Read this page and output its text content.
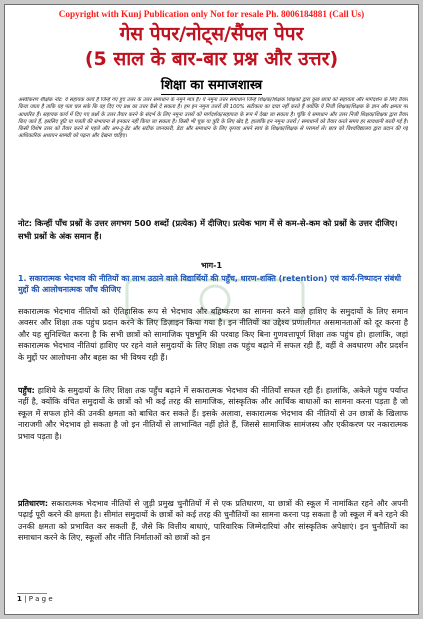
Copyright with Kunj Publication only Not for resale Ph. 8006184881 (Call Us)
गेस पेपर/नोट्स/सैंपल पेपर
(5 साल के बार-बार प्रश्न और उत्तर)
शिक्षा का समाजशास्त्र
अस्वीकरण शैक्षिक नोट: ये सहायक कार्य हैं जिन्हें गए हुए उत्तर के उत्तर समाधान के नमूने मात्र हैं। ये नमूना उत्तर समाधान जिन्हें शिक्षक/शिक्षक शिक्षकों द्वारा कुछ छात्रों को सहायता और मार्गदर्शन के लिए तैयार किया जाता है ताकि यह पता चल सके कि वह दिए गए प्रश्न का उत्तर कैसे दे सकता है। हम इन नमूना उत्तरों की 100% सटीकता का दावा नहीं करते हैं क्योंकि ये निजी शिक्षक/शिक्षक के ज्ञान और क्षमता पर आधारित हैं। सहायक कार्य में दिए गए प्रश्नों के उत्तर तैयार करने के संदर्भ के लिए नमूना उत्तरों को मार्गदर्शक/सहायता के रूप में देखा जा सकता है। चूंकि ये समाधान और उत्तर निजी शिक्षक/शिक्षक द्वारा तैयार किए जाते हैं, इसलिए त्रुटि या गलती की संभावना से इनकार नहीं किया जा सकता है। किसी भी चूक या त्रुटि के लिए खेद है, हालांकि इन नमूना उत्तरों / समाधानों को तैयार करते समय हर सावधानी बरती गई है। किसी विशेष उत्तर को तैयार करने से पहले और अप-टू-डेट और सटीक जानकारी, डेटा और समाधान के लिए कृपया अपने स्वयं के शिक्षक/शिक्षक से परामर्श लें। छात्र को विश्वविद्यालय द्वारा प्रदान की गई आधिकारिक अध्ययन सामग्री को पढ़ना और देखना चाहिए।
नोट: किन्हीं पाँच प्रश्नों के उत्तर लगभग 500 शब्दों (प्रत्येक) में दीजिए। प्रत्येक भाग में से कम-से-कम को प्रश्नों के उत्तर दीजिए। सभी प्रश्नों के अंक समान हैं।
भाग-1
1. सकारात्मक भेदभाव की नीतियों का लाभ उठाने वाले विद्यार्थियों की पहुँच, धारण-शक्ति (retention) एवं कार्य-निष्पादन संबंधी मुद्दों की आलोचनात्मक जाँच कीजिए
सकारात्मक भेदभाव नीतियों को ऐतिहासिक रूप से भेदभाव और बहिष्करण का सामना करने वाले हाशिए के समुदायों के लिए समान अवसर और शिक्षा तक पहुंच प्रदान करने के लिए डिज़ाइन किया गया है। इन नीतियों का उद्देश्य प्रणालीगत असमानताओं को दूर करना है और यह सुनिश्चित करना है कि सभी छात्रों को सामाजिक पृष्ठभूमि की परवाह किए बिना गुणवत्तापूर्ण शिक्षा तक पहुंच हो। हालांकि, जहां सकारात्मक भेदभाव नीतियां हाशिए पर रहने वाले समुदायों के लिए शिक्षा तक पहुंच बढ़ाने में सफल रही हैं, वहीं वे अवधारण और प्रदर्शन के मुद्दों पर आलोचना और बहस का भी विषय रही हैं।
पहुँच: हाशिये के समुदायों के लिए शिक्षा तक पहुँच बढ़ाने में सकारात्मक भेदभाव की नीतियाँ सफल रही हैं। हालांकि, अकेले पहुंच पर्याप्त नहीं है, क्योंकि वंचित समुदायों के छात्रों को भी कई तरह की सामाजिक, सांस्कृतिक और आर्थिक बाधाओं का सामना करना पड़ता है जो स्कूल में सफल होने की उनकी क्षमता को बाधित कर सकते हैं। इसके अलावा, सकारात्मक भेदभाव की नीतियों से उन छात्रों के खिलाफ नाराजगी और भेदभाव हो सकता है जो इन नीतियों से लाभान्वित नहीं होते हैं, जिससे सामाजिक सामंजस्य और एकीकरण पर नकारात्मक प्रभाव पड़ता है।
प्रतिधारण: सकारात्मक भेदभाव नीतियों से जुड़ी प्रमुख चुनौतियों में से एक प्रतिधारण, या छात्रों की स्कूल में नामांकित रहने और अपनी पढ़ाई पूरी करने की क्षमता है। सीमांत समुदायों के छात्रों को कई तरह की चुनौतियों का सामना करना पड़ सकता है जो स्कूल में बने रहने की उनकी क्षमता को प्रभावित कर सकती हैं, जैसे कि वित्तीय बाधाएं, पारिवारिक जिम्मेदारियां और सांस्कृतिक अपेक्षाएं। इन चुनौतियों का समाधान करने के लिए, स्कूलों और नीति निर्माताओं को छात्रों को इन
1 | P a g e
